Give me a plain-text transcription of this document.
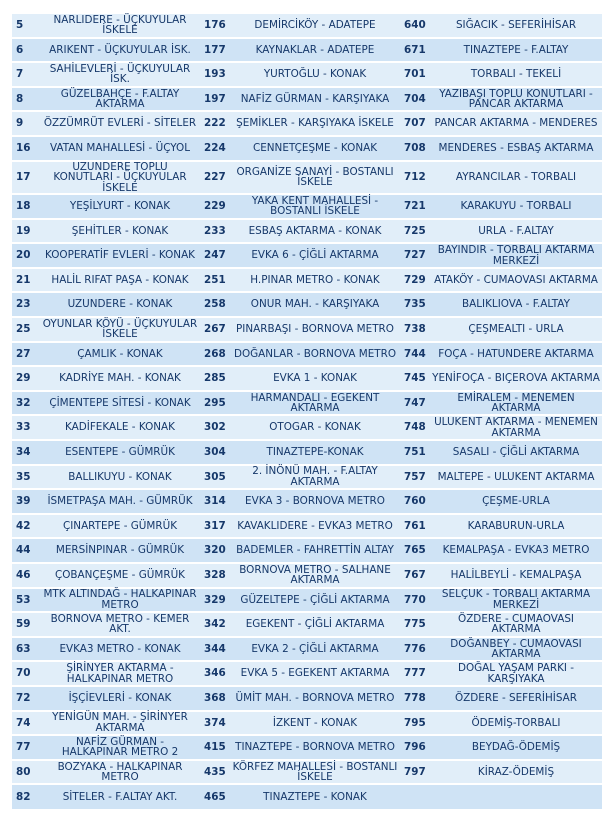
5	NARLIDERE - ÜÇKUYULAR İSKELE	176	DEMİRCİKÖY - ADATEPE	640	SIĞACIK - SEFERİHİSAR
6	ARIKENT - ÜÇKUYULAR İSK.	177	KAYNAKLAR - ADATEPE	671	TINAZTEPE - F.ALTAY
7	SAHİLEVLERİ - ÜÇKUYULAR İSK.	193	YURTOĞLU - KONAK	701	TORBALI - TEKELİ
8	GÜZELBAHÇE - F.ALTAY AKTARMA	197	NAFİZ GÜRMAN - KARŞIYAKA	704	YAZIBAŞI TOPLU KONUTLARI - PANCAR AKTARMA
9	ÖZZÜMRÜT EVLERİ - SİTELER	222	ŞEMİKLER - KARŞIYAKA İSKELE	707	PANCAR AKTARMA - MENDERES
16	VATAN MAHALLESİ - ÜÇYOL	224	CENNETÇEŞME - KONAK	708	MENDERES - ESBAŞ AKTARMA
17	UZUNDERE TOPLU KONUTLARI - ÜÇKUYULAR İSKELE	227	ORGANİZE SANAYİ - BOSTANLI İSKELE	712	AYRANCILAR - TORBALI
18	YEŞİLYURT - KONAK	229	YAKA KENT MAHALLESİ - BOSTANLI İSKELE	721	KARAKUYU - TORBALI
19	ŞEHİTLER - KONAK	233	ESBAŞ AKTARMA - KONAK	725	URLA - F.ALTAY
20	KOOPERATİF EVLERİ - KONAK	247	EVKA 6 - ÇİĞLİ AKTARMA	727	BAYINDIR - TORBALI AKTARMA MERKEZİ
21	HALİL RIFAT PAŞA - KONAK	251	H.PINAR METRO - KONAK	729	ATAKÖY - CUMAOVASI AKTARMA
23	UZUNDERE - KONAK	258	ONUR MAH. - KARŞIYAKA	735	BALIKLIOVA - F.ALTAY
25	OYUNLAR KÖYÜ - ÜÇKUYULAR İSKELE	267	PINARBAŞI - BORNOVA METRO	738	ÇEŞMEALTI - URLA
27	ÇAMLIK - KONAK	268	DOĞANLAR - BORNOVA METRO	744	FOÇA - HATUNDERE AKTARMA
29	KADRİYE MAH. - KONAK	285	EVKA 1 - KONAK	745	YENİFOÇA - BIÇEROVA AKTARMA
32	ÇİMENTEPE SİTESİ - KONAK	295	HARMANDALI - EGEKENT AKTARMA	747	EMİRALEM - MENEMEN AKTARMA
33	KADİFEKALE - KONAK	302	OTOGAR - KONAK	748	ULUKENT AKTARMA - MENEMEN AKTARMA
34	ESENTEPE - GÜMRÜK	304	TINAZTEPE-KONAK	751	SASALI - ÇİĞLİ AKTARMA
35	BALLIKUYU - KONAK	305	2. İNÖNÜ MAH. - F.ALTAY AKTARMA	757	MALTEPE - ULUKENT AKTARMA
39	İSMETPAŞA MAH. - GÜMRÜK	314	EVKA 3 - BORNOVA METRO	760	ÇEŞME-URLA
42	ÇINARTEPE - GÜMRÜK	317	KAVAKLIDERE - EVKA3 METRO	761	KARABURUN-URLA
44	MERSİNPINAR - GÜMRÜK	320	BADEMLER - FAHRETTİN ALTAY	765	KEMALPAŞA - EVKA3 METRO
46	ÇOBANÇEŞME - GÜMRÜK	328	BORNOVA METRO - SALHANE AKTARMA	767	HALİLBEYLİ - KEMALPAŞA
53	MTK ALTINDAĞ - HALKAPINAR METRO	329	GÜZELTEPE - ÇİĞLİ AKTARMA	770	SELÇUK - TORBALI AKTARMA MERKEZİ
59	BORNOVA METRO - KEMER AKT.	342	EGEKENT - ÇİĞLİ AKTARMA	775	ÖZDERE - CUMAOVASI AKTARMA
63	EVKA3 METRO - KONAK	344	EVKA 2 - ÇİĞLİ AKTARMA	776	DOĞANBEY - CUMAOVASI AKTARMA
70	ŞİRİNYER AKTARMA - HALKAPINAR METRO	346	EVKA 5 - EGEKENT AKTARMA	777	DOĞAL YAŞAM PARKI - KARŞIYAKA
72	İŞÇİEVLERİ - KONAK	368	ÜMİT MAH. - BORNOVA METRO	778	ÖZDERE - SEFERİHİSAR
74	YENİGÜN MAH. - ŞİRİNYER AKTARMA	374	İZKENT - KONAK	795	ÖDEMİŞ-TORBALI
77	NAFİZ GÜRMAN - HALKAPINAR METRO 2	415	TINAZTEPE - BORNOVA METRO	796	BEYDAĞ-ÖDEMİŞ
80	BOZYAKA - HALKAPINAR METRO	435	KÖRFEZ MAHALLESİ - BOSTANLI İSKELE	797	KİRAZ-ÖDEMİŞ
82	SİTELER - F.ALTAY AKT.	465	TINAZTEPE - KONAK		
